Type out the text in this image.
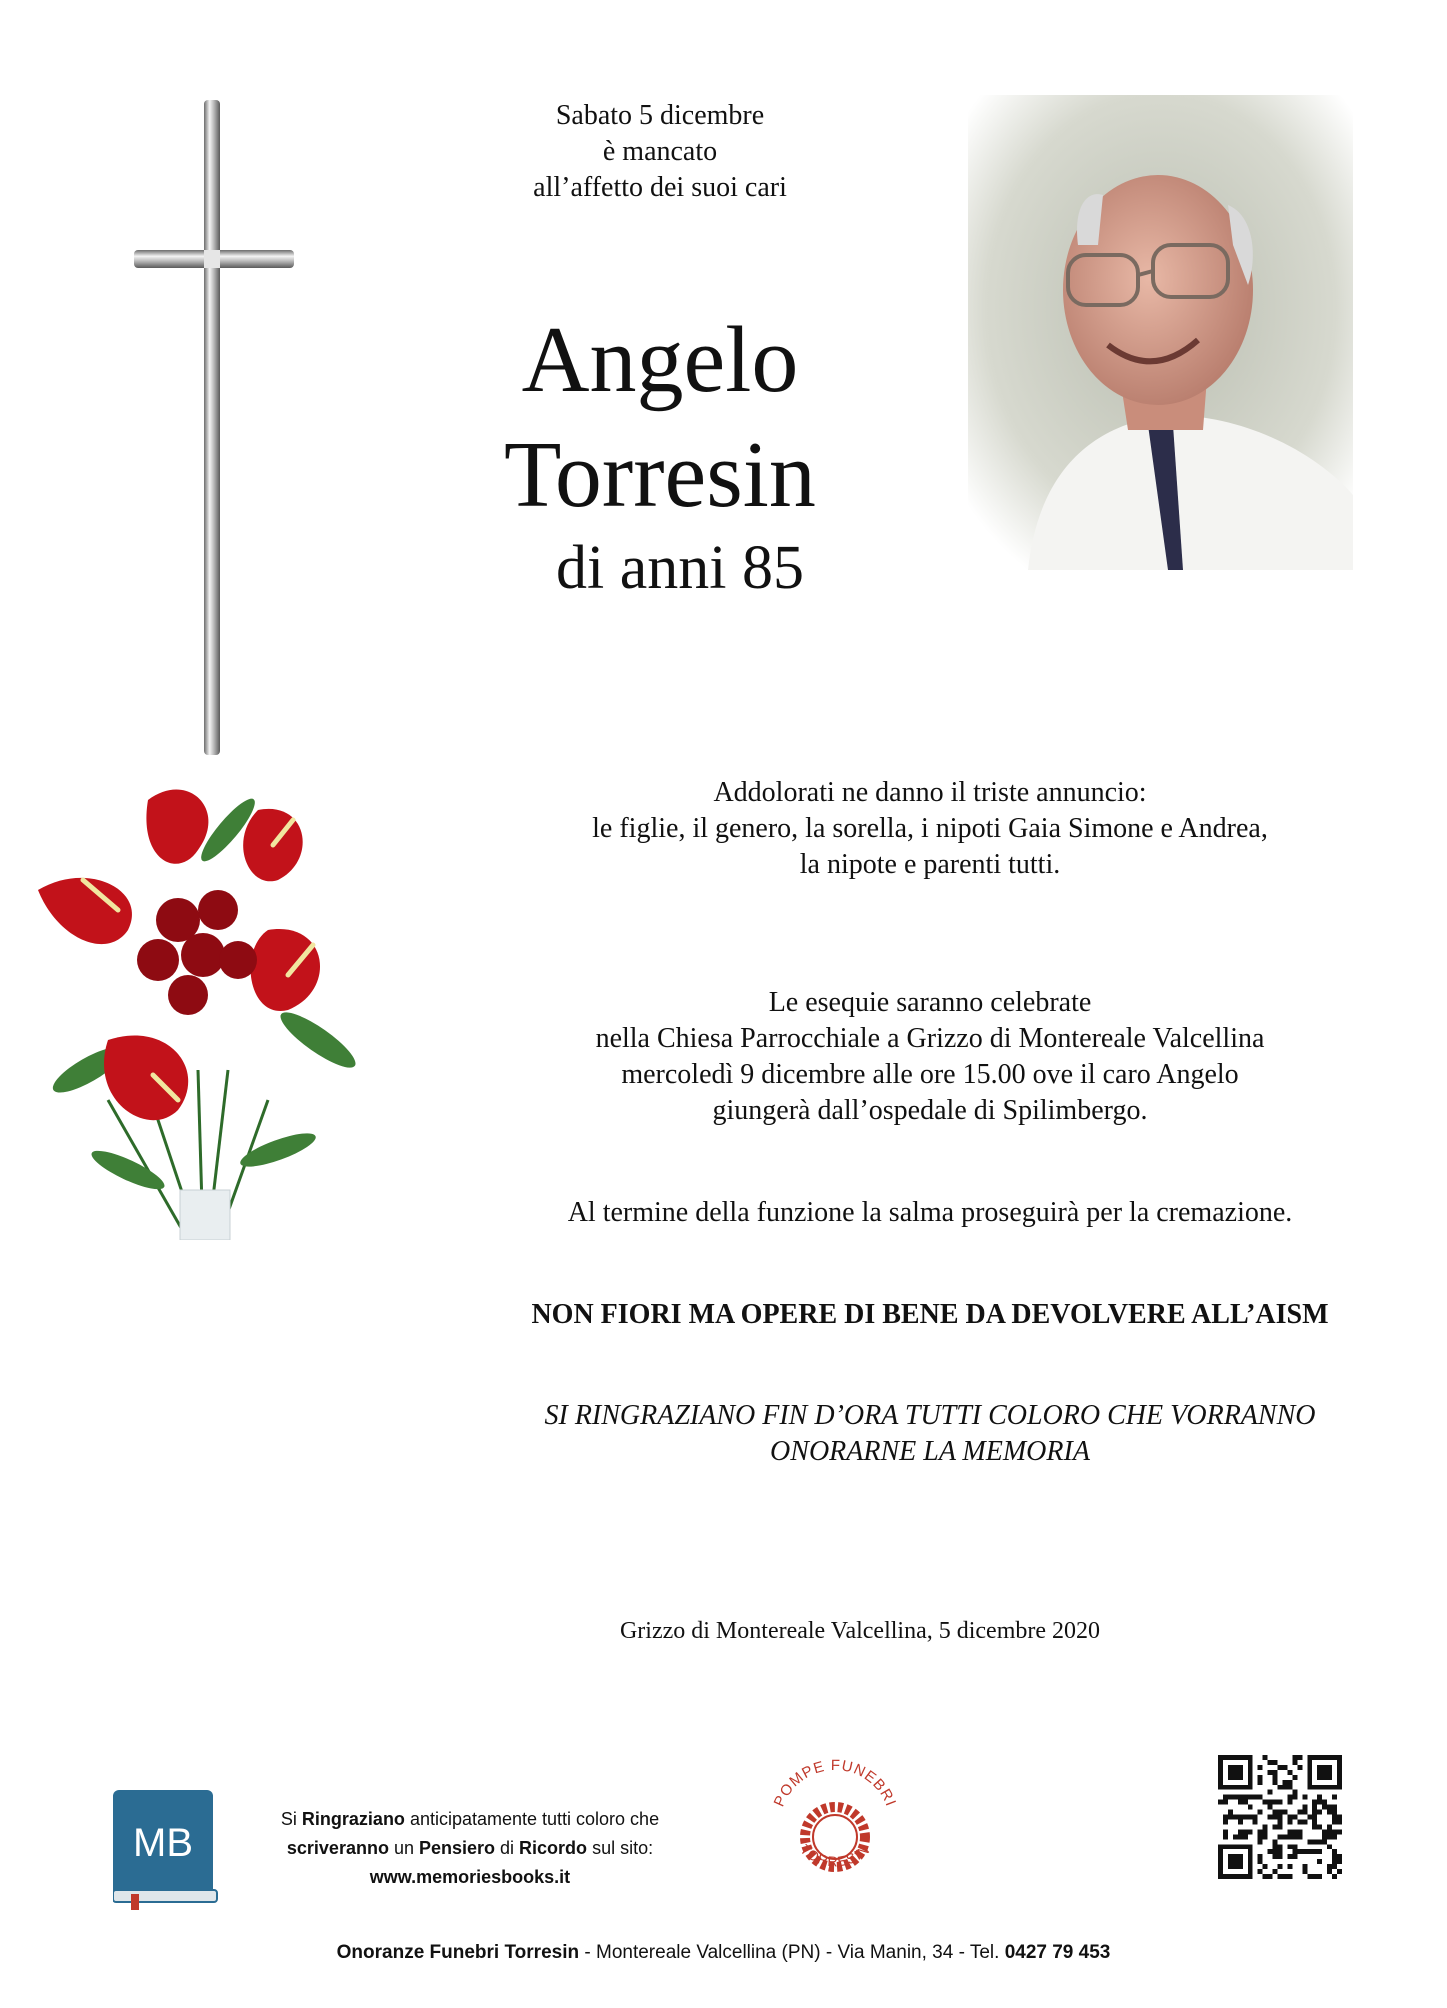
Sabato 5 dicembre
è mancato
all’affetto dei suoi cari
Angelo
Torresin
di anni 85
Addolorati ne danno il triste annuncio:
le figlie, il genero, la sorella, i nipoti Gaia Simone e Andrea,
la nipote e parenti tutti.
Le esequie saranno celebrate
nella Chiesa Parrocchiale a Grizzo di Montereale Valcellina
mercoledì 9 dicembre alle ore 15.00 ove il caro Angelo
giungerà dall’ospedale di Spilimbergo.
Al termine della funzione la salma proseguirà per la cremazione.
NON FIORI MA OPERE DI BENE DA DEVOLVERE ALL’AISM
SI RINGRAZIANO FIN D’ORA TUTTI COLORO CHE VORRANNO
ONORARNE LA MEMORIA
Grizzo di Montereale Valcellina, 5 dicembre 2020
MB
Si Ringraziano anticipatamente tutti coloro che
scriveranno un Pensiero di Ricordo sul sito:
www.memoriesbooks.it
POMPE FUNEBRI
TORRESIN
Onoranze Funebri Torresin - Montereale Valcellina (PN) - Via Manin, 34 - Tel. 0427 79 453
